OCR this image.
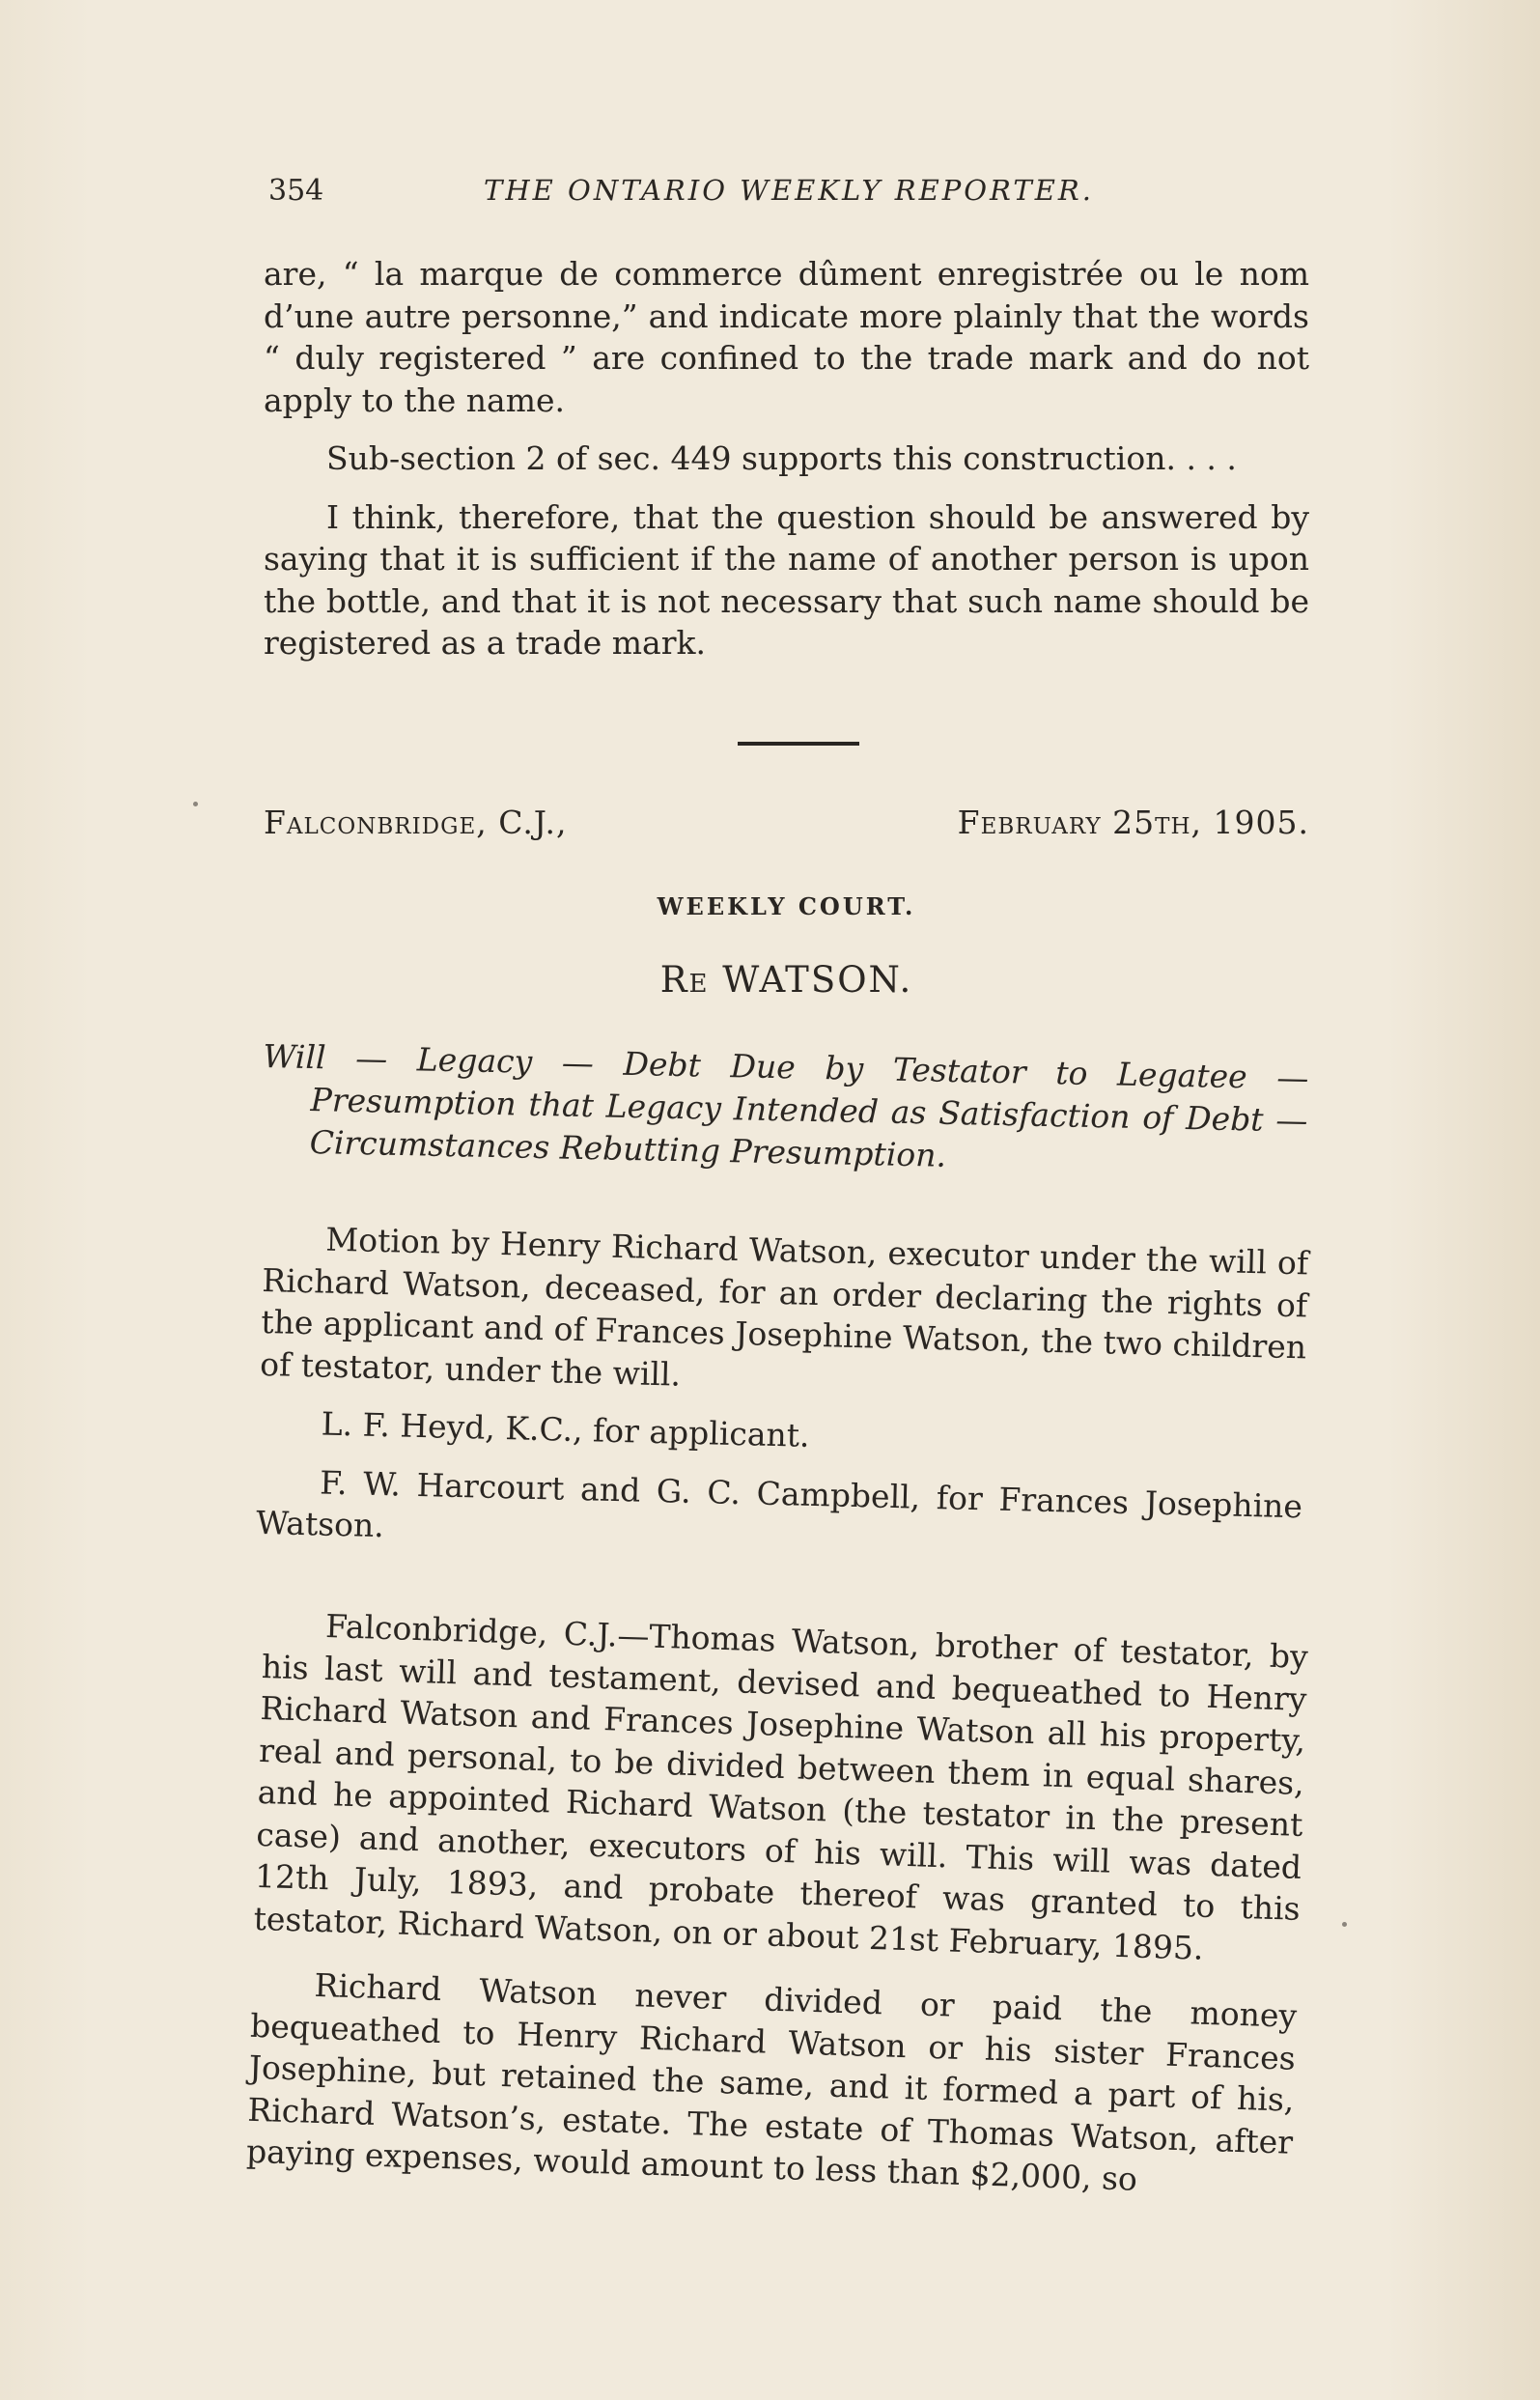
354	THE ONTARIO WEEKLY REPORTER.

are, “ la marque de commerce dûment enregistrée ou le nom d’une autre personne,” and indicate more plainly that the words “ duly registered ” are confined to the trade mark and do not apply to the name.

Sub-section 2 of sec. 449 supports this construction. . . .

I think, therefore, that the question should be answered by saying that it is sufficient if the name of another person is upon the bottle, and that it is not necessary that such name should be registered as a trade mark.

Falconbridge, C.J.,	February 25th, 1905.
WEEKLY COURT.
Re WATSON.
Will — Legacy — Debt Due by Testator to Legatee — Presumption that Legacy Intended as Satisfaction of Debt — Circumstances Rebutting Presumption.

Motion by Henry Richard Watson, executor under the will of Richard Watson, deceased, for an order declaring the rights of the applicant and of Frances Josephine Watson, the two children of testator, under the will.

L. F. Heyd, K.C., for applicant.

F. W. Harcourt and G. C. Campbell, for Frances Josephine Watson.

Falconbridge, C.J.—Thomas Watson, brother of testator, by his last will and testament, devised and bequeathed to Henry Richard Watson and Frances Josephine Watson all his property, real and personal, to be divided between them in equal shares, and he appointed Richard Watson (the testator in the present case) and another, executors of his will. This will was dated 12th July, 1893, and probate thereof was granted to this testator, Richard Watson, on or about 21st February, 1895.

Richard Watson never divided or paid the money bequeathed to Henry Richard Watson or his sister Frances Josephine, but retained the same, and it formed a part of his, Richard Watson’s, estate. The estate of Thomas Watson, after paying expenses, would amount to less than $2,000, so
